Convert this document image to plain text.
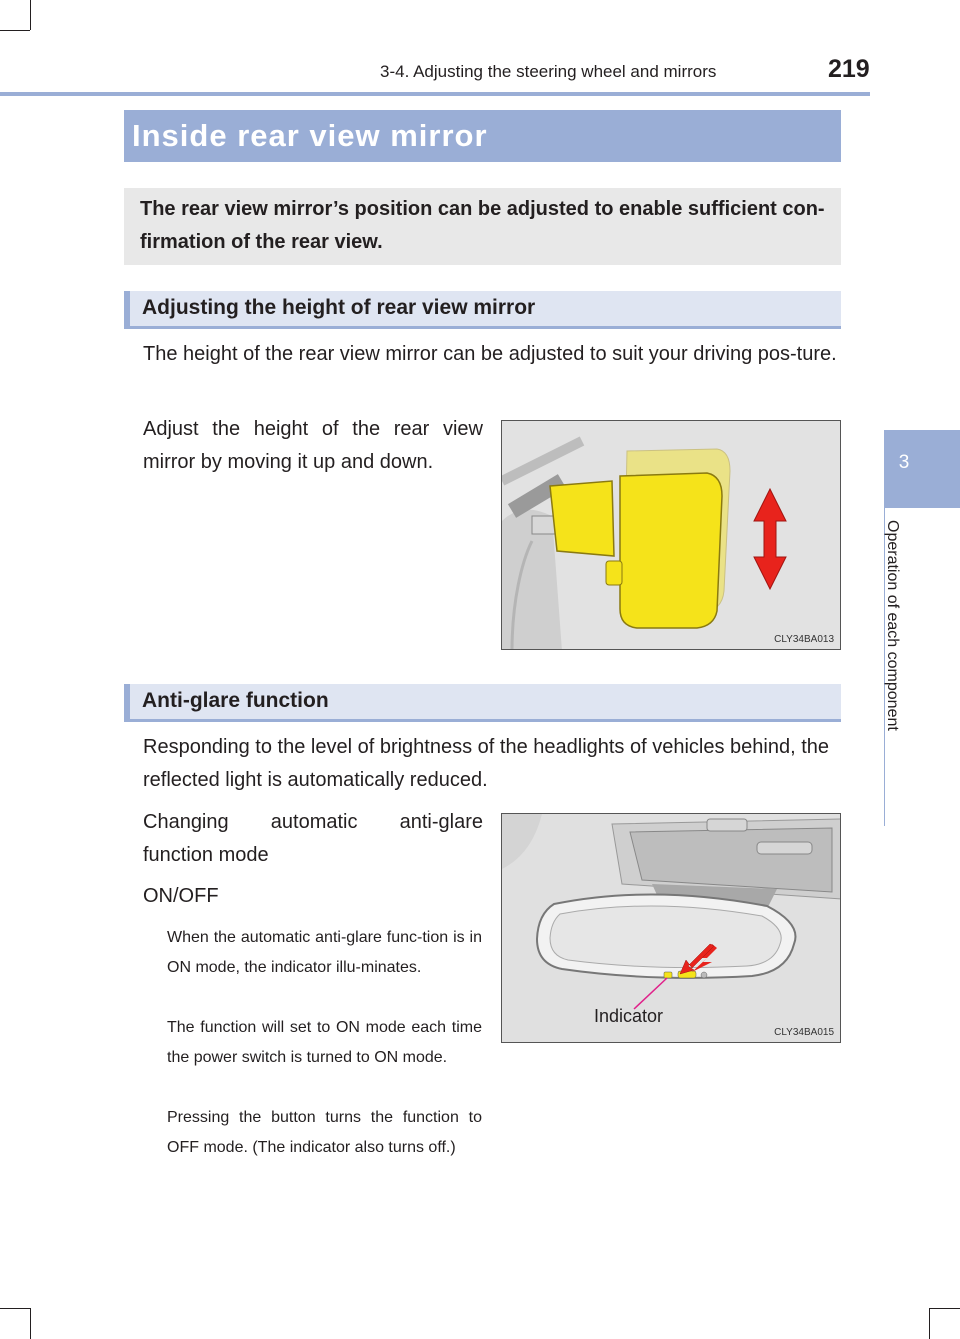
3-4. Adjusting the steering wheel and mirrors	219
3
Operation of each component
Inside rear view mirror

The rear view mirror’s position can be adjusted to enable sufficient con-firmation of the rear view.

Adjusting the height of rear view mirror

The height of the rear view mirror can be adjusted to suit your driving pos-ture.

Adjust the height of the rear view mirror by moving it up and down.

CLY34BA013
Anti-glare function

Responding to the level of brightness of the headlights of vehicles behind, the reflected light is automatically reduced.

Changing automatic anti-glare function mode

ON/OFF

When the automatic anti-glare func-tion is in ON mode, the indicator illu-minates.

The function will set to ON mode each time the power switch is turned to ON mode.

Pressing the button turns the function to OFF mode. (The indicator also turns off.)

Indicator
CLY34BA015
